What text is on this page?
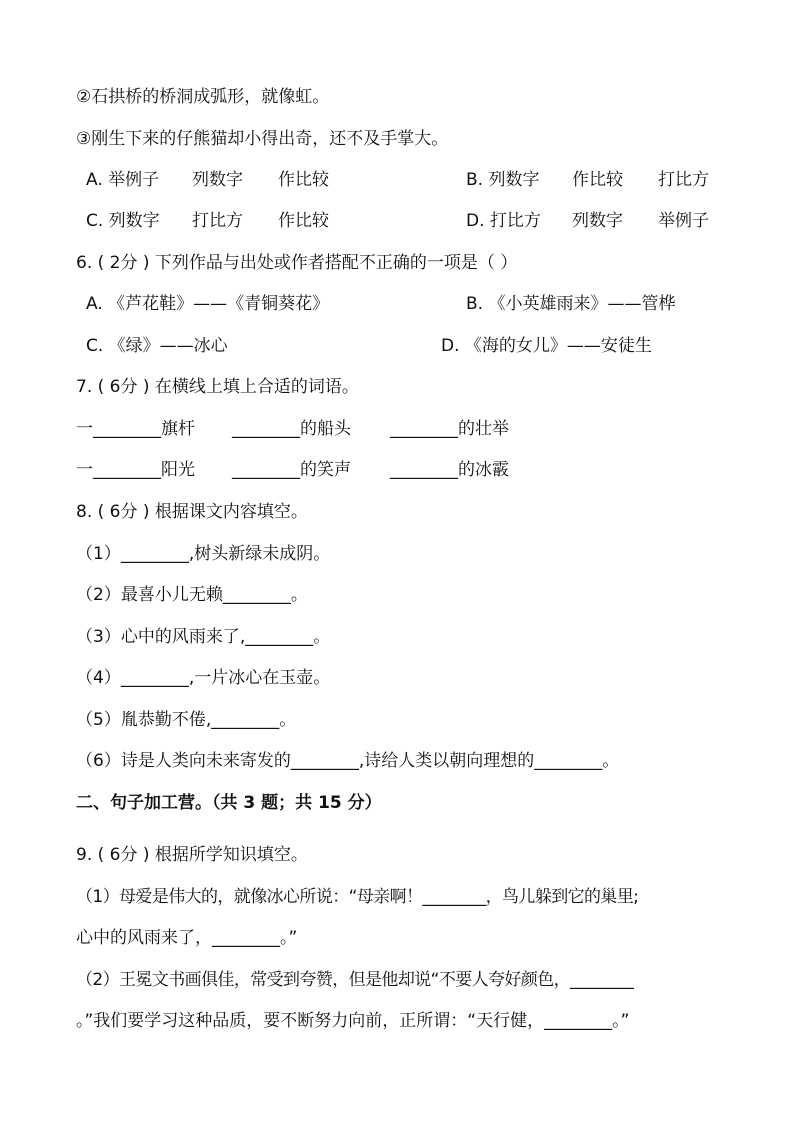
②石拱桥的桥洞成弧形，就像虹。
③刚生下来的仔熊猫却小得出奇，还不及手掌大。
A. 举例子 列数字 作比较	B. 列数字 作比较 打比方
C. 列数字 打比方 作比较	D. 打比方 列数字 举例子
6. ( 2分 ) 下列作品与出处或作者搭配不正确的一项是（ ）
A. 《芦花鞋》——《青铜葵花》	B. 《小英雄雨来》——管桦
C. 《绿》——冰心	D. 《海的女儿》——安徒生
7. ( 6分 ) 在横线上填上合适的词语。
一________旗杆 ________的船头 ________的壮举
一________阳光 ________的笑声 ________的冰霰
8. ( 6分 ) 根据课文内容填空。
（1）________,树头新绿未成阴。
（2）最喜小儿无赖________。
（3）心中的风雨来了,________。
（4）________,一片冰心在玉壶。
（5）胤恭勤不倦,________。
（6）诗是人类向未来寄发的________,诗给人类以朝向理想的________。
二、句子加工营。（共 3 题；共 15 分）
9. ( 6分 ) 根据所学知识填空。
（1）母爱是伟大的，就像冰心所说：“母亲啊！________，鸟儿躲到它的巢里;
心中的风雨来了，________。”
（2）王冕文书画俱佳，常受到夸赞，但是他却说“不要人夸好颜色，________
。”我们要学习这种品质，要不断努力向前，正所谓：“天行健，________。”
